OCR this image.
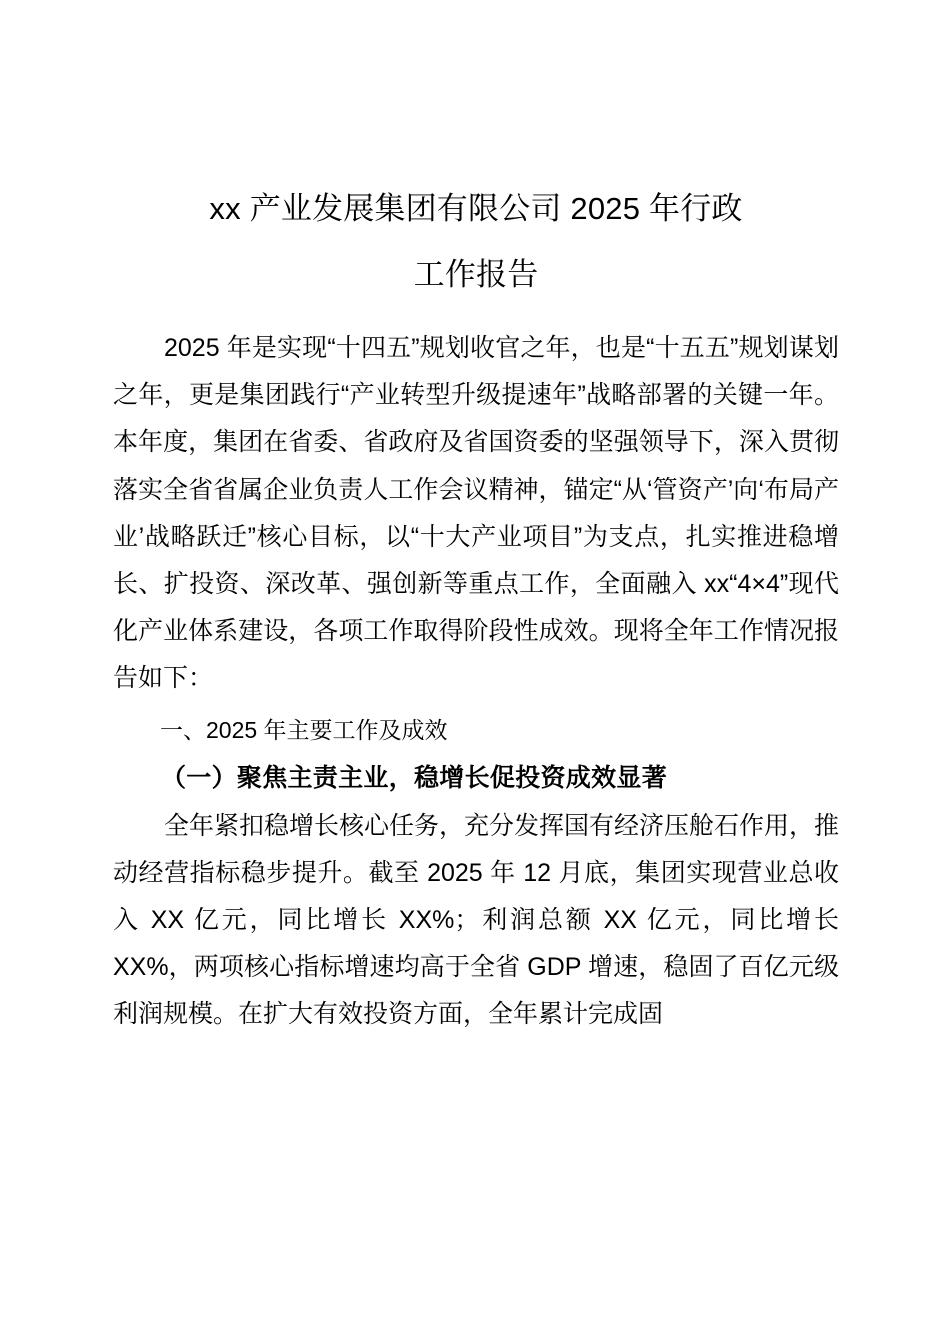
xx 产业发展集团有限公司 2025 年行政
工作报告

2025 年是实现“十四五”规划收官之年，也是“十五五”规划谋划之年，更是集团践行“产业转型升级提速年”战略部署的关键一年。本年度，集团在省委、省政府及省国资委的坚强领导下，深入贯彻落实全省省属企业负责人工作会议精神，锚定“从‘管资产’向‘布局产业’战略跃迁”核心目标，以“十大产业项目”为支点，扎实推进稳增长、扩投资、深改革、强创新等重点工作，全面融入 xx“4×4”现代化产业体系建设，各项工作取得阶段性成效。现将全年工作情况报告如下：

一、2025 年主要工作及成效

（一）聚焦主责主业，稳增长促投资成效显著

全年紧扣稳增长核心任务，充分发挥国有经济压舱石作用，推动经营指标稳步提升。截至 2025 年 12 月底，集团实现营业总收入 XX 亿元，同比增长 XX%；利润总额 XX 亿元，同比增长 XX%，两项核心指标增速均高于全省 GDP 增速，稳固了百亿元级利润规模。在扩大有效投资方面，全年累计完成固
